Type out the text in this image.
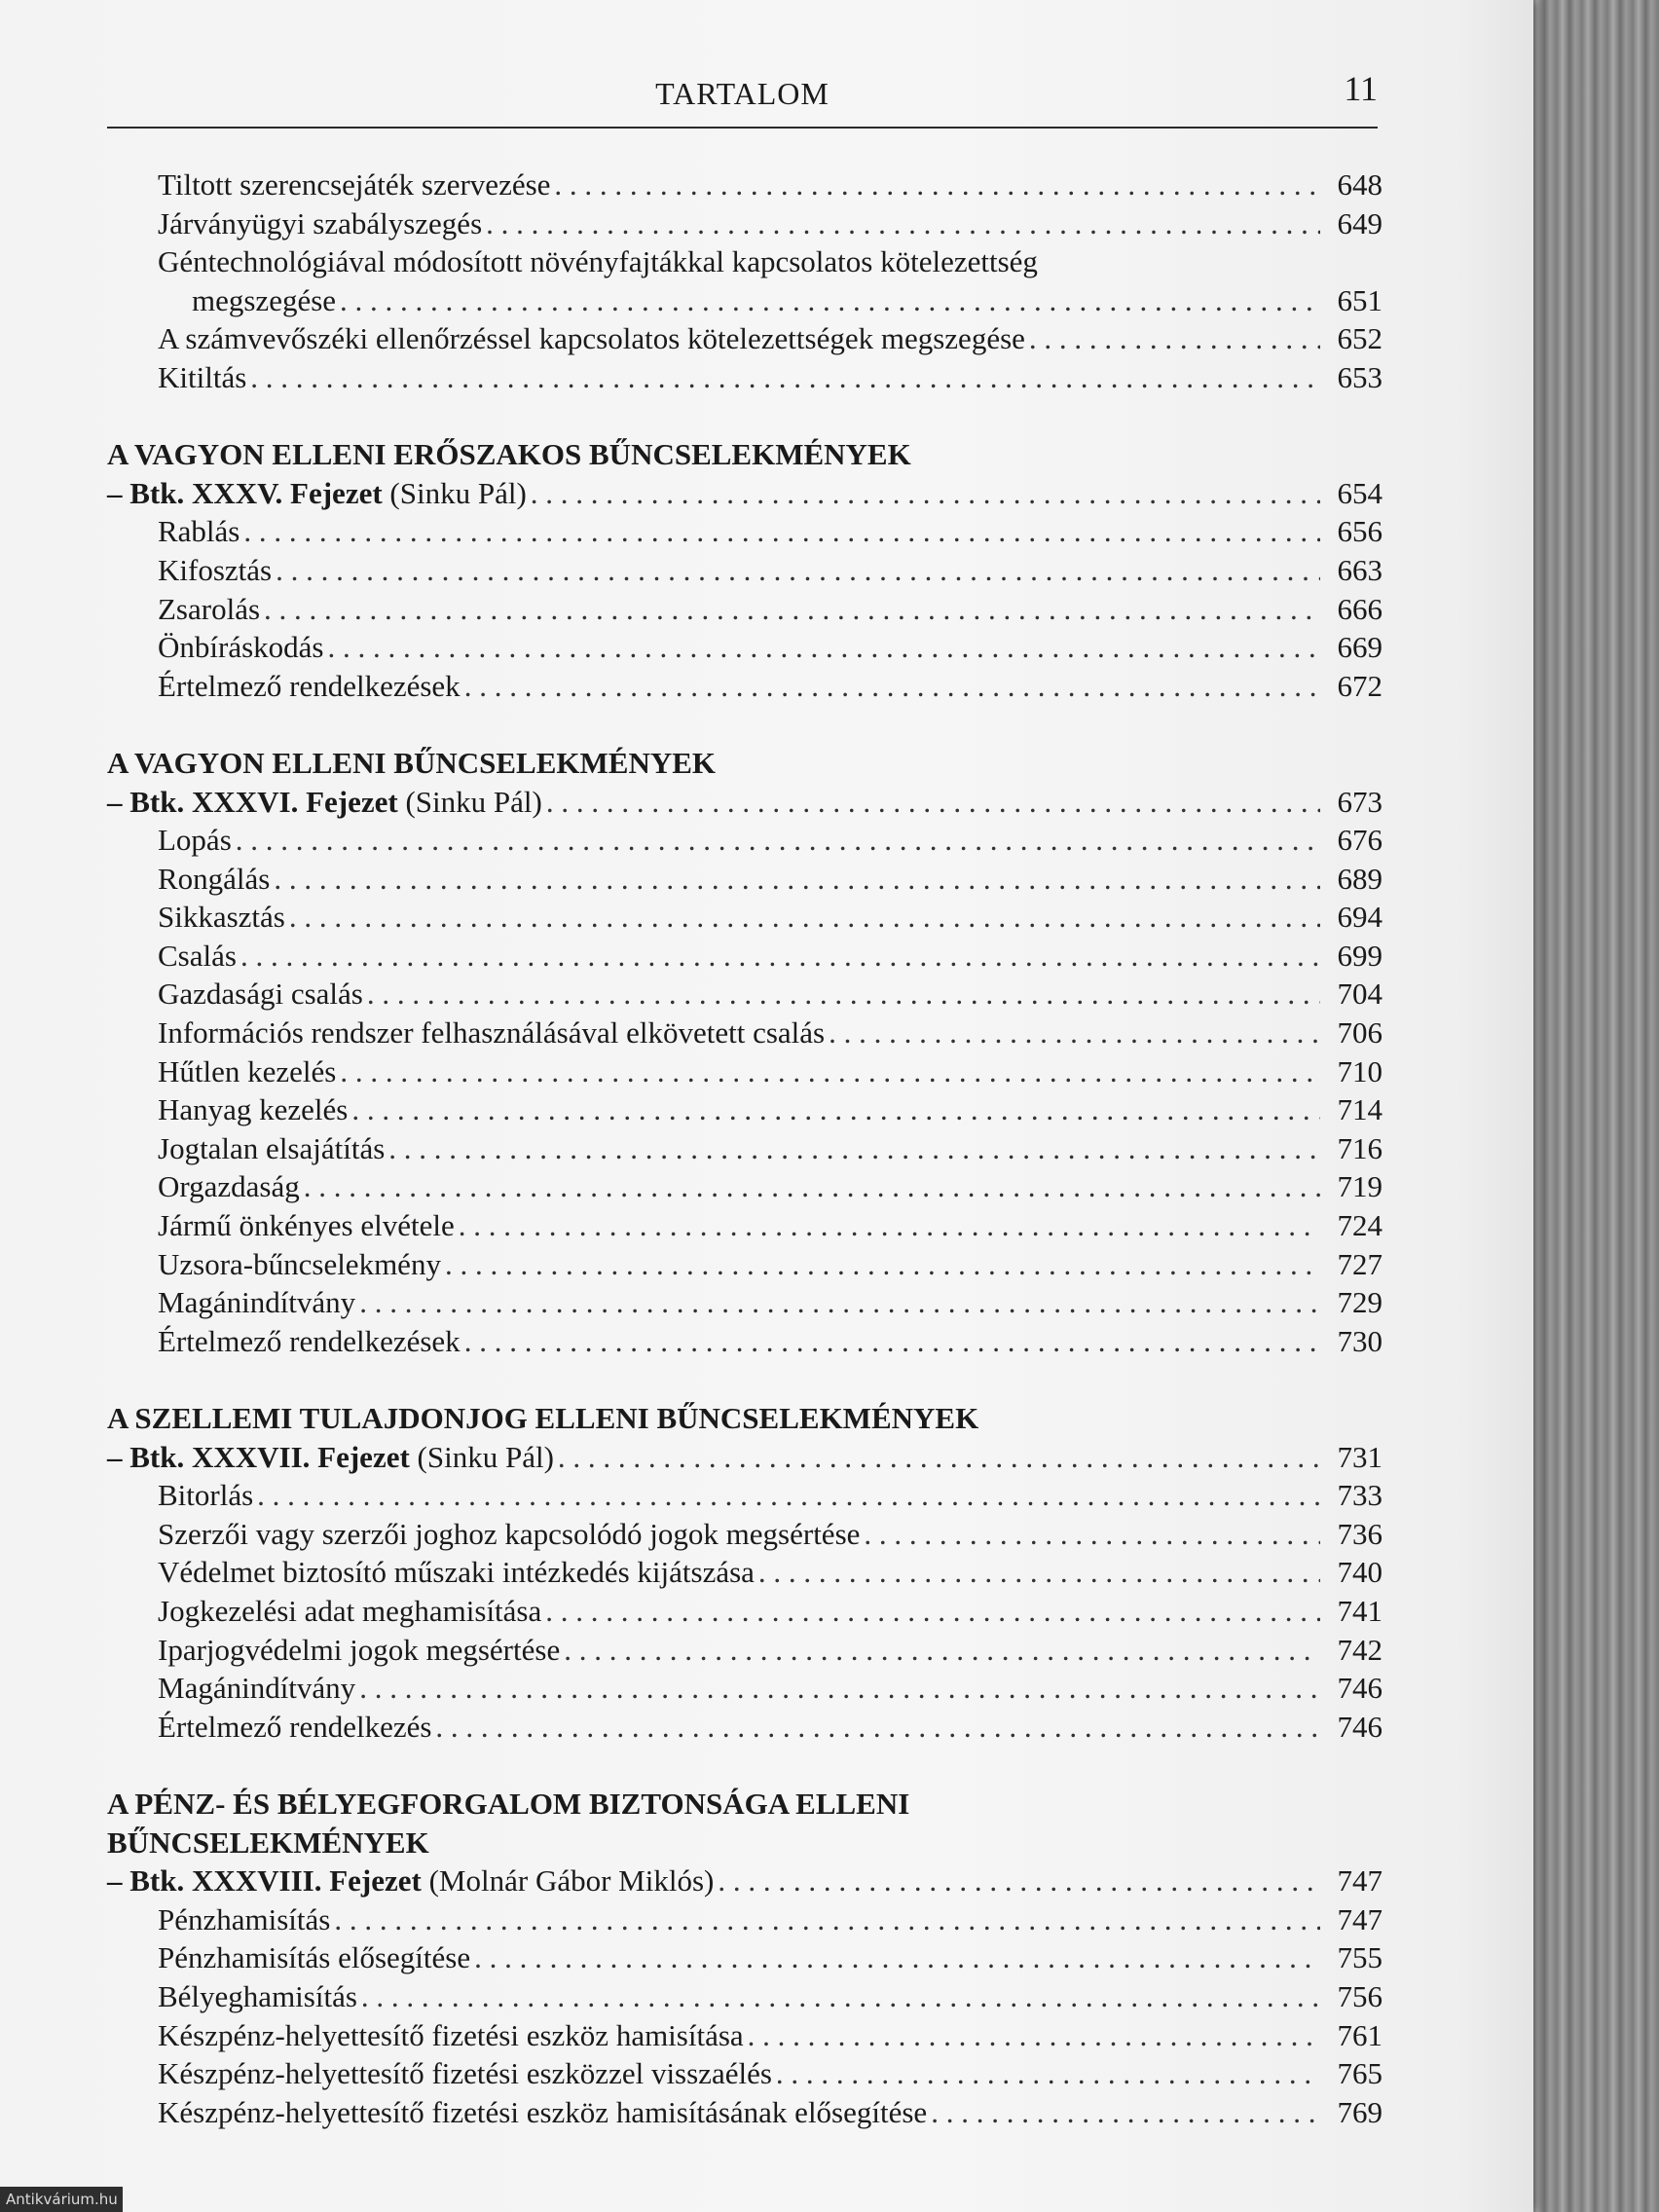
TARTALOM	11
Tiltott szerencsejáték szervezése . . .	648
Járványügyi szabályszegés . . .	649
Géntechnológiával módosított növényfajtákkal kapcsolatos kötelezettség
megszegése . . .	651
A számvevőszéki ellenőrzéssel kapcsolatos kötelezettségek megszegése . . .	652
Kitiltás . . .	653
A VAGYON ELLENI ERŐSZAKOS BŰNCSELEKMÉNYEK
– Btk. XXXV. Fejezet (Sinku Pál) . . .	654
Rablás . . .	656
Kifosztás . . .	663
Zsarolás . . .	666
Önbíráskodás . . .	669
Értelmező rendelkezések . . .	672
A VAGYON ELLENI BŰNCSELEKMÉNYEK
– Btk. XXXVI. Fejezet (Sinku Pál) . . .	673
Lopás . . .	676
Rongálás . . .	689
Sikkasztás . . .	694
Csalás . . .	699
Gazdasági csalás . . .	704
Információs rendszer felhasználásával elkövetett csalás . . .	706
Hűtlen kezelés . . .	710
Hanyag kezelés . . .	714
Jogtalan elsajátítás . . .	716
Orgazdaság . . .	719
Jármű önkényes elvétele . . .	724
Uzsora-bűncselekmény . . .	727
Magánindítvány . . .	729
Értelmező rendelkezések . . .	730
A SZELLEMI TULAJDONJOG ELLENI BŰNCSELEKMÉNYEK
– Btk. XXXVII. Fejezet (Sinku Pál) . . .	731
Bitorlás . . .	733
Szerzői vagy szerzői joghoz kapcsolódó jogok megsértése . . .	736
Védelmet biztosító műszaki intézkedés kijátszása . . .	740
Jogkezelési adat meghamisítása . . .	741
Iparjogvédelmi jogok megsértése . . .	742
Magánindítvány . . .	746
Értelmező rendelkezés . . .	746
A PÉNZ- ÉS BÉLYEGFORGALOM BIZTONSÁGA ELLENI
BŰNCSELEKMÉNYEK
– Btk. XXXVIII. Fejezet (Molnár Gábor Miklós) . . .	747
Pénzhamisítás . . .	747
Pénzhamisítás elősegítése . . .	755
Bélyeghamisítás . . .	756
Készpénz-helyettesítő fizetési eszköz hamisítása . . .	761
Készpénz-helyettesítő fizetési eszközzel visszaélés . . .	765
Készpénz-helyettesítő fizetési eszköz hamisításának elősegítése . . .	769
Antikvárium.hu
